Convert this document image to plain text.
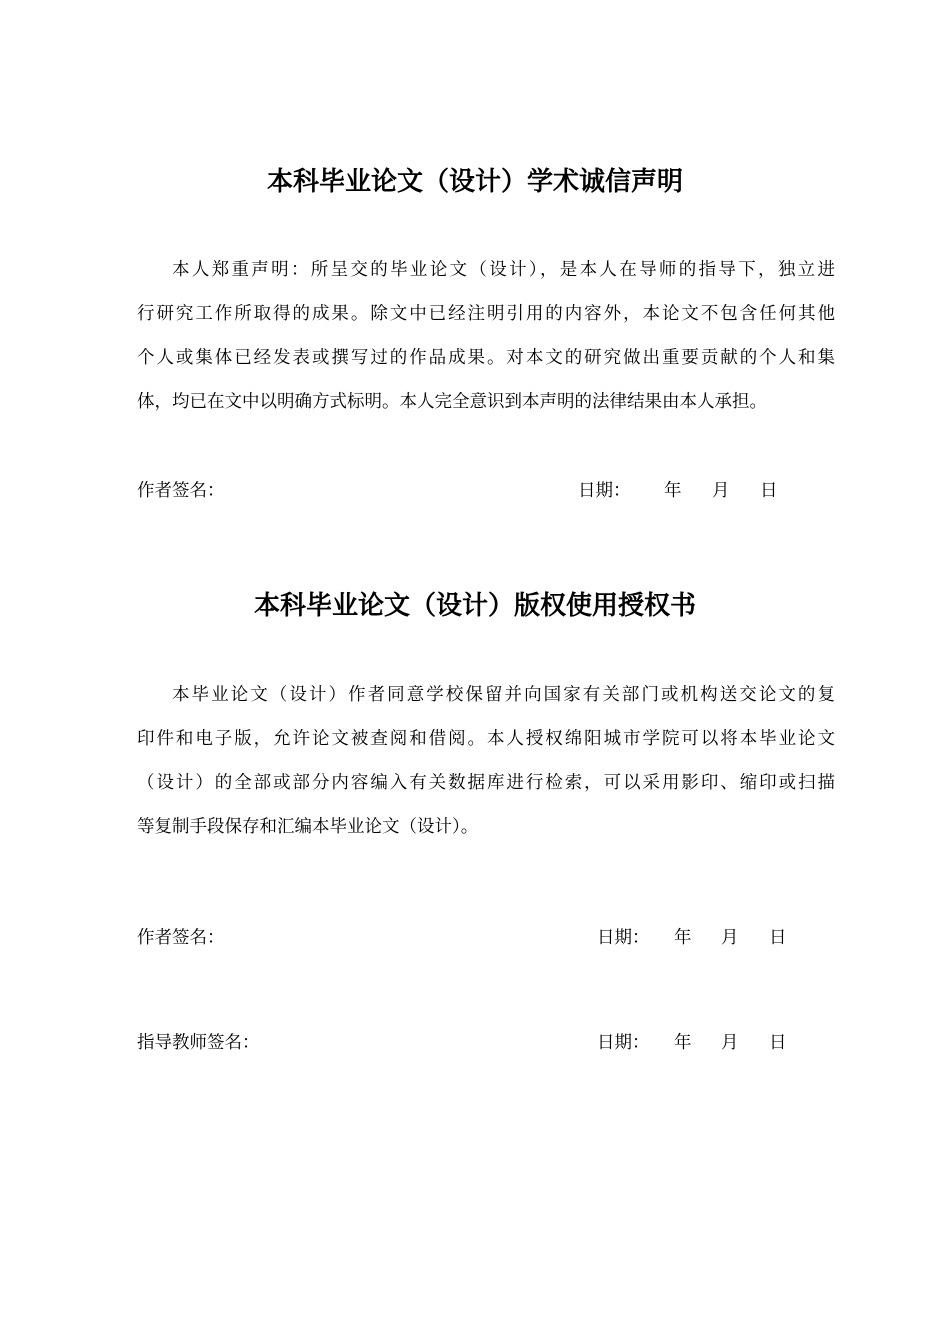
本科毕业论文（设计）学术诚信声明
本人郑重声明：所呈交的毕业论文（设计），是本人在导师的指导下，独立进
行研究工作所取得的成果。除文中已经注明引用的内容外，本论文不包含任何其他
个人或集体已经发表或撰写过的作品成果。对本文的研究做出重要贡献的个人和集
体，均已在文中以明确方式标明。本人完全意识到本声明的法律结果由本人承担。
作者签名：	日期： 年 月 日
本科毕业论文（设计）版权使用授权书
本毕业论文（设计）作者同意学校保留并向国家有关部门或机构送交论文的复
印件和电子版，允许论文被查阅和借阅。本人授权绵阳城市学院可以将本毕业论文
（设计）的全部或部分内容编入有关数据库进行检索，可以采用影印、缩印或扫描
等复制手段保存和汇编本毕业论文（设计）。
作者签名：	日期： 年 月 日
指导教师签名：	日期： 年 月 日
